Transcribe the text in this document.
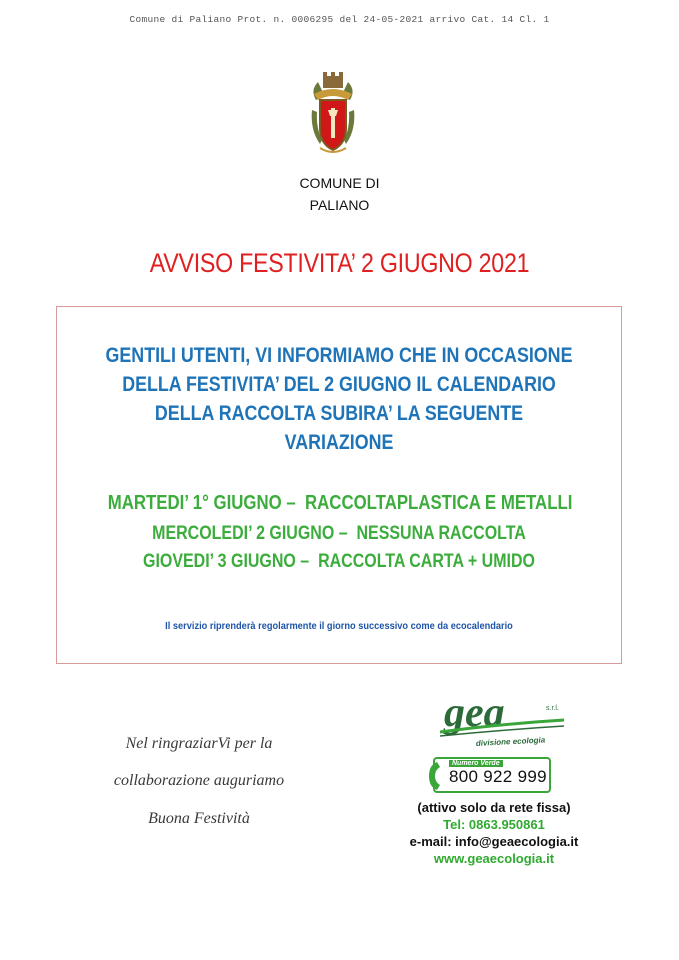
Comune di Paliano Prot. n. 0006295 del 24-05-2021 arrivo Cat. 14 Cl. 1
COMUNE DI
PALIANO
AVVISO FESTIVITA’ 2 GIUGNO 2021
GENTILI UTENTI, VI INFORMIAMO CHE IN OCCASIONE
DELLA FESTIVITA’ DEL 2 GIUGNO IL CALENDARIO
DELLA RACCOLTA SUBIRA’ LA SEGUENTE VARIAZIONE
MARTEDI’ 1° GIUGNO –  RACCOLTAPLASTICA E METALLI
MERCOLEDI’ 2 GIUGNO –  NESSUNA RACCOLTA
GIOVEDI’ 3 GIUGNO –  RACCOLTA CARTA + UMIDO
Il servizio riprenderà regolarmente il giorno successivo come da ecocalendario
Nel ringraziarVi per la
collaborazione auguriamo
Buona Festività
gea	s.r.l.
divisione ecologia
Numero Verde
800 922 999
(attivo solo da rete fissa)
Tel: 0863.950861
e-mail: info@geaecologia.it
www.geaecologia.it
